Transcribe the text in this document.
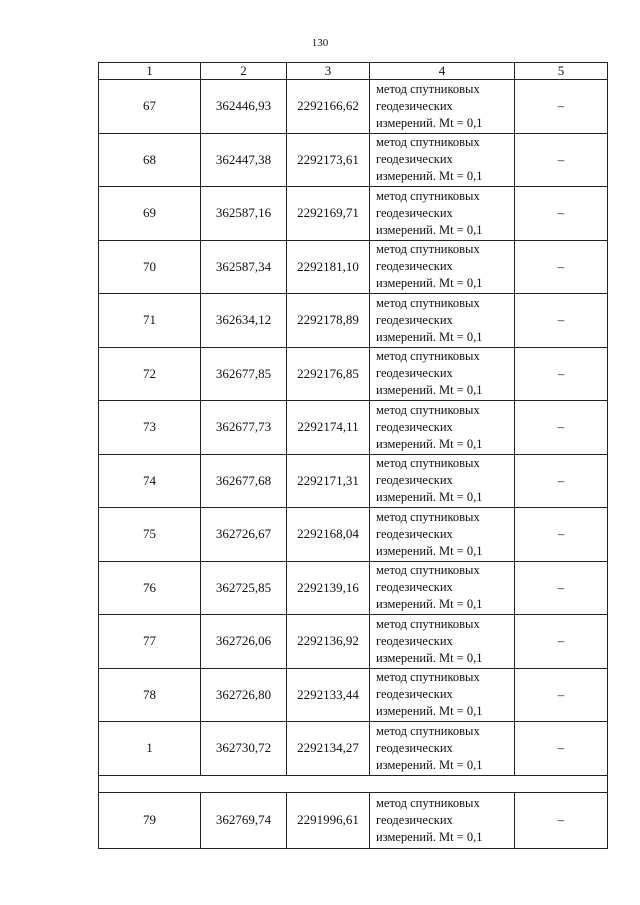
130
1	2	3	4	5
67	362446,93	2292166,62	метод спутниковых
геодезических
измерений. Mt = 0,1	–
68	362447,38	2292173,61	метод спутниковых
геодезических
измерений. Mt = 0,1	–
69	362587,16	2292169,71	метод спутниковых
геодезических
измерений. Mt = 0,1	–
70	362587,34	2292181,10	метод спутниковых
геодезических
измерений. Mt = 0,1	–
71	362634,12	2292178,89	метод спутниковых
геодезических
измерений. Mt = 0,1	–
72	362677,85	2292176,85	метод спутниковых
геодезических
измерений. Mt = 0,1	–
73	362677,73	2292174,11	метод спутниковых
геодезических
измерений. Mt = 0,1	–
74	362677,68	2292171,31	метод спутниковых
геодезических
измерений. Mt = 0,1	–
75	362726,67	2292168,04	метод спутниковых
геодезических
измерений. Mt = 0,1	–
76	362725,85	2292139,16	метод спутниковых
геодезических
измерений. Mt = 0,1	–
77	362726,06	2292136,92	метод спутниковых
геодезических
измерений. Mt = 0,1	–
78	362726,80	2292133,44	метод спутниковых
геодезических
измерений. Mt = 0,1	–
1	362730,72	2292134,27	метод спутниковых
геодезических
измерений. Mt = 0,1	–

79	362769,74	2291996,61	метод спутниковых
геодезических
измерений. Mt = 0,1	–
